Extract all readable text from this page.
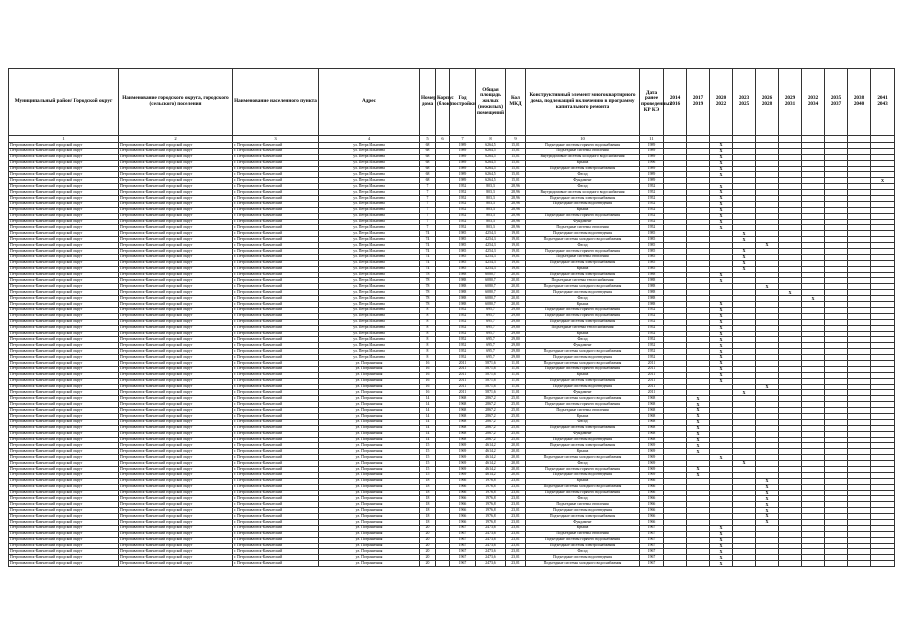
Муниципальный район/ Городской округ	Наименование городского округа, городского (сельского) поселения	Наименование населенного пункта	Адрес	Номер дома	Корпус (блок)	Год постройки	Общая площадь жилых (нежилых) помещений	Кол МКД	Конструктивный элемент многоквартирного дома, подлежащий включению в программу капитального ремонта	Дата ранее проведенных КР КЭ	2014 2016	2017 2019	2020 2022	2023 2025	2026 2028	2029 2031	2032 2034	2035 2037	2038 2040	2041 2043
1	2	3	4	5	6	7	8	9	10	11										
Петропавловск-Камчатский городской округ	Петропавловск-Камчатский городской округ	г. Петропавловск-Камчатский	ул. Петра Ильичева	68		1989	6264,5	15,01	Подъездные системы горячего водоснабжения	1989			X							
Петропавловск-Камчатский городской округ	Петропавловск-Камчатский городской округ	г. Петропавловск-Камчатский	ул. Петра Ильичева	68		1989	6264,5	15,01	Подъездные системы отопления	1989			X							
Петропавловск-Камчатский городской округ	Петропавловск-Камчатский городской округ	г. Петропавловск-Камчатский	ул. Петра Ильичева	68		1989	6264,5	15,01	Внутридомовые системы холодного водоснабжения	1989			X							
Петропавловск-Камчатский городской округ	Петропавловск-Камчатский городской округ	г. Петропавловск-Камчатский	ул. Петра Ильичева	68		1989	6264,5	15,01	Крыша	1996			X							
Петропавловск-Камчатский городской округ	Петропавловск-Камчатский городской округ	г. Петропавловск-Камчатский	ул. Петра Ильичева	68		1989	6264,5	15,01	Подъездные системы электроснабжения	1989			X							
Петропавловск-Камчатский городской округ	Петропавловск-Камчатский городской округ	г. Петропавловск-Камчатский	ул. Петра Ильичева	68		1989	6264,5	15,01	Фасад	1989			X							
Петропавловск-Камчатский городской округ	Петропавловск-Камчатский городской округ	г. Петропавловск-Камчатский	ул. Петра Ильичева	68		1989	6264,5	15,01	Фундамент	1989										X
Петропавловск-Камчатский городской округ	Петропавловск-Камчатский городской округ	г. Петропавловск-Камчатский	ул. Петра Ильичева	7		1952	803,3	28,96	Фасад	1952			X							
Петропавловск-Камчатский городской округ	Петропавловск-Камчатский городской округ	г. Петропавловск-Камчатский	ул. Петра Ильичева	7		1952	803,3	28,96	Внутридомовые системы холодного водоснабжения	1952			X							
Петропавловск-Камчатский городской округ	Петропавловск-Камчатский городской округ	г. Петропавловск-Камчатский	ул. Петра Ильичева	7		1952	803,3	28,96	Подъездные системы электроснабжения	1952			X							
Петропавловск-Камчатский городской округ	Петропавловск-Камчатский городской округ	г. Петропавловск-Камчатский	ул. Петра Ильичева	7		1952	803,3	28,96	Подъездные системы водоотведения	1952			X							
Петропавловск-Камчатский городской округ	Петропавловск-Камчатский городской округ	г. Петропавловск-Камчатский	ул. Петра Ильичева	7		1952	803,3	28,96	Крыша	1952			X							
Петропавловск-Камчатский городской округ	Петропавловск-Камчатский городской округ	г. Петропавловск-Камчатский	ул. Петра Ильичева	7		1952	803,3	28,96	Подъездные системы горячего водоснабжения	1952			X							
Петропавловск-Камчатский городской округ	Петропавловск-Камчатский городской округ	г. Петропавловск-Камчатский	ул. Петра Ильичева	7		1952	803,3	28,96	Фундамент	1952			X							
Петропавловск-Камчатский городской округ	Петропавловск-Камчатский городской округ	г. Петропавловск-Камчатский	ул. Петра Ильичева	7		1952	803,3	28,96	Подъездные системы отопления	1952			X							
Петропавловск-Камчатский городской округ	Петропавловск-Камчатский городской округ	г. Петропавловск-Камчатский	ул. Петра Ильичева	74		1985	4254,3	19,01	Подъездные системы водоотведения	1985				X						
Петропавловск-Камчатский городской округ	Петропавловск-Камчатский городской округ	г. Петропавловск-Камчатский	ул. Петра Ильичева	74		1985	4254,3	19,01	Подъездные системы холодного водоснабжения	1985				X						
Петропавловск-Камчатский городской округ	Петропавловск-Камчатский городской округ	г. Петропавловск-Камчатский	ул. Петра Ильичева	74		1985	4254,3	19,01	Фасад	1985					X					
Петропавловск-Камчатский городской округ	Петропавловск-Камчатский городской округ	г. Петропавловск-Камчатский	ул. Петра Ильичева	74		1985	4254,3	19,01	Подъездные системы горячего водоснабжения	1985				X						
Петропавловск-Камчатский городской округ	Петропавловск-Камчатский городской округ	г. Петропавловск-Камчатский	ул. Петра Ильичева	74		1985	4254,3	19,01	Подъездные системы отопления	1985				X						
Петропавловск-Камчатский городской округ	Петропавловск-Камчатский городской округ	г. Петропавловск-Камчатский	ул. Петра Ильичева	74		1985	4254,3	19,01	Подъездные системы электроснабжения	1985				X						
Петропавловск-Камчатский городской округ	Петропавловск-Камчатский городской округ	г. Петропавловск-Камчатский	ул. Петра Ильичева	74		1985	4254,3	19,01	Крыша	1985				X						
Петропавловск-Камчатский городской округ	Петропавловск-Камчатский городской округ	г. Петропавловск-Камчатский	ул. Петра Ильичева	78		1988	6080,7	20,01	Подъездные системы электроснабжения	1988			X							
Петропавловск-Камчатский городской округ	Петропавловск-Камчатский городской округ	г. Петропавловск-Камчатский	ул. Петра Ильичева	78		1988	6080,7	20,01	Подъездные системы теплоснабжения	1988			X							
Петропавловск-Камчатский городской округ	Петропавловск-Камчатский городской округ	г. Петропавловск-Камчатский	ул. Петра Ильичева	78		1988	6080,7	20,01	Подъездные системы холодного водоснабжения	1988					X					
Петропавловск-Камчатский городской округ	Петропавловск-Камчатский городской округ	г. Петропавловск-Камчатский	ул. Петра Ильичева	78		1988	6080,7	20,01	Подъездные системы водоотведения	1988						X				
Петропавловск-Камчатский городской округ	Петропавловск-Камчатский городской округ	г. Петропавловск-Камчатский	ул. Петра Ильичева	78		1988	6080,7	20,01	Фасад	1988							X			
Петропавловск-Камчатский городской округ	Петропавловск-Камчатский городской округ	г. Петропавловск-Камчатский	ул. Петра Ильичева	78		1988	6080,7	20,01	Крыша	1988			X							
Петропавловск-Камчатский городской округ	Петропавловск-Камчатский городской округ	г. Петропавловск-Камчатский	ул. Петра Ильичева	8		1952	695,7	29,80	Подъездные системы горячего водоснабжения	1952			X							
Петропавловск-Камчатский городской округ	Петропавловск-Камчатский городской округ	г. Петропавловск-Камчатский	ул. Петра Ильичева	8		1952	695,7	29,80	Подъездные системы горячего водоснабжения	1952			X							
Петропавловск-Камчатский городской округ	Петропавловск-Камчатский городской округ	г. Петропавловск-Камчатский	ул. Петра Ильичева	8		1952	695,7	29,80	Подъездные системы электроснабжения	1952			X							
Петропавловск-Камчатский городской округ	Петропавловск-Камчатский городской округ	г. Петропавловск-Камчатский	ул. Петра Ильичева	8		1952	695,7	29,80	Подъездные системы теплоснабжения	1952			X							
Петропавловск-Камчатский городской округ	Петропавловск-Камчатский городской округ	г. Петропавловск-Камчатский	ул. Петра Ильичева	8		1952	695,7	29,80	Крыша	1952			X							
Петропавловск-Камчатский городской округ	Петропавловск-Камчатский городской округ	г. Петропавловск-Камчатский	ул. Петра Ильичева	8		1952	695,7	29,80	Фасад	1952			X							
Петропавловск-Камчатский городской округ	Петропавловск-Камчатский городской округ	г. Петропавловск-Камчатский	ул. Петра Ильичева	8		1952	695,7	29,80	Фундамент	1952			X							
Петропавловск-Камчатский городской округ	Петропавловск-Камчатский городской округ	г. Петропавловск-Камчатский	ул. Петра Ильичева	8		1952	695,7	29,80	Подъездные системы холодного водоснабжения	1952			X							
Петропавловск-Камчатский городской округ	Петропавловск-Камчатский городской округ	г. Петропавловск-Камчатский	ул. Петра Ильичева	8		1952	695,7	29,80	Подъездные системы водоотведения	1952			X							
Петропавловск-Камчатский городской округ	Петропавловск-Камчатский городской округ	г. Петропавловск-Камчатский	ул. Пограничная	16		2011	5871,6	11,01	Подъездные системы холодного водоснабжения	2011			X							
Петропавловск-Камчатский городской округ	Петропавловск-Камчатский городской округ	г. Петропавловск-Камчатский	ул. Пограничная	16		2011	5871,6	11,01	Подъездные системы горячего водоснабжения	2011			X							
Петропавловск-Камчатский городской округ	Петропавловск-Камчатский городской округ	г. Петропавловск-Камчатский	ул. Пограничная	16		2011	5871,6	11,01	Крыша	2011			X							
Петропавловск-Камчатский городской округ	Петропавловск-Камчатский городской округ	г. Петропавловск-Камчатский	ул. Пограничная	16		2011	5871,6	11,01	Подъездные системы электроснабжения	2011			X							
Петропавловск-Камчатский городской округ	Петропавловск-Камчатский городской округ	г. Петропавловск-Камчатский	ул. Пограничная	16		2011	5871,6	11,01	Подъездные системы водоотведения	2011					X					
Петропавловск-Камчатский городской округ	Петропавловск-Камчатский городской округ	г. Петропавловск-Камчатский	ул. Пограничная	16		2011	5871,6	11,01	Фундамент	2011				X						
Петропавловск-Камчатский городской округ	Петропавловск-Камчатский городской округ	г. Петропавловск-Камчатский	ул. Пограничная	14		1968	2867,2	25,01	Подъездные системы холодного водоснабжения	1968		X								
Петропавловск-Камчатский городской округ	Петропавловск-Камчатский городской округ	г. Петропавловск-Камчатский	ул. Пограничная	14		1968	2867,2	25,01	Подъездные системы горячего водоснабжения	1968		X								
Петропавловск-Камчатский городской округ	Петропавловск-Камчатский городской округ	г. Петропавловск-Камчатский	ул. Пограничная	14		1968	2867,2	25,01	Подъездные системы отопления	1968		X								
Петропавловск-Камчатский городской округ	Петропавловск-Камчатский городской округ	г. Петропавловск-Камчатский	ул. Пограничная	14		1968	2867,2	25,01	Крыша	1968		X								
Петропавловск-Камчатский городской округ	Петропавловск-Камчатский городской округ	г. Петропавловск-Камчатский	ул. Пограничная	14		1968	2867,2	25,01	Фасад	1968		X								
Петропавловск-Камчатский городской округ	Петропавловск-Камчатский городской округ	г. Петропавловск-Камчатский	ул. Пограничная	14		1968	2867,2	25,01	Подъездные системы электроснабжения	1968		X								
Петропавловск-Камчатский городской округ	Петропавловск-Камчатский городской округ	г. Петропавловск-Камчатский	ул. Пограничная	14		1968	2867,2	25,01	Фундамент	1968		X								
Петропавловск-Камчатский городской округ	Петропавловск-Камчатский городской округ	г. Петропавловск-Камчатский	ул. Пограничная	14		1968	2867,2	25,01	Подъездные системы водоотведения	1968		X								
Петропавловск-Камчатский городской округ	Петропавловск-Камчатский городской округ	г. Петропавловск-Камчатский	ул. Пограничная	15		1969	4614,2	20,01	Подъездные системы электроснабжения	1969		X								
Петропавловск-Камчатский городской округ	Петропавловск-Камчатский городской округ	г. Петропавловск-Камчатский	ул. Пограничная	15		1969	4614,2	20,01	Крыша	1969		X								
Петропавловск-Камчатский городской округ	Петропавловск-Камчатский городской округ	г. Петропавловск-Камчатский	ул. Пограничная	15		1969	4614,2	20,01	Подъездные системы холодного водоснабжения	1969			X							
Петропавловск-Камчатский городской округ	Петропавловск-Камчатский городской округ	г. Петропавловск-Камчатский	ул. Пограничная	15		1969	4614,2	20,01	Фасад	1969				X						
Петропавловск-Камчатский городской округ	Петропавловск-Камчатский городской округ	г. Петропавловск-Камчатский	ул. Пограничная	15		1969	4614,2	20,01	Подъездные системы горячего водоснабжения	1969		X								
Петропавловск-Камчатский городской округ	Петропавловск-Камчатский городской округ	г. Петропавловск-Камчатский	ул. Пограничная	15		1969	4614,2	20,01	Подъездные системы водоотведения	1969		X								
Петропавловск-Камчатский городской округ	Петропавловск-Камчатский городской округ	г. Петропавловск-Камчатский	ул. Пограничная	18		1966	1976,8	23,01	Крыша	1966					X					
Петропавловск-Камчатский городской округ	Петропавловск-Камчатский городской округ	г. Петропавловск-Камчатский	ул. Пограничная	18		1966	1976,8	23,01	Подъездные системы холодного водоснабжения	1966					X					
Петропавловск-Камчатский городской округ	Петропавловск-Камчатский городской округ	г. Петропавловск-Камчатский	ул. Пограничная	18		1966	1976,8	23,01	Подъездные системы горячего водоснабжения	1966					X					
Петропавловск-Камчатский городской округ	Петропавловск-Камчатский городской округ	г. Петропавловск-Камчатский	ул. Пограничная	18		1966	1976,8	23,01	Фасад	1966					X					
Петропавловск-Камчатский городской округ	Петропавловск-Камчатский городской округ	г. Петропавловск-Камчатский	ул. Пограничная	18		1966	1976,8	23,01	Подъездные системы отопления	1966					X					
Петропавловск-Камчатский городской округ	Петропавловск-Камчатский городской округ	г. Петропавловск-Камчатский	ул. Пограничная	18		1966	1976,8	23,01	Подъездные системы водоотведения	1966					X					
Петропавловск-Камчатский городской округ	Петропавловск-Камчатский городской округ	г. Петропавловск-Камчатский	ул. Пограничная	18		1966	1976,8	23,01	Подъездные системы электроснабжения	1966					X					
Петропавловск-Камчатский городской округ	Петропавловск-Камчатский городской округ	г. Петропавловск-Камчатский	ул. Пограничная	18		1966	1976,8	23,01	Фундамент	1966					X					
Петропавловск-Камчатский городской округ	Петропавловск-Камчатский городской округ	г. Петропавловск-Камчатский	ул. Пограничная	20		1967	2473,6	23,01	Крыша	1967			X							
Петропавловск-Камчатский городской округ	Петропавловск-Камчатский городской округ	г. Петропавловск-Камчатский	ул. Пограничная	20		1967	2473,6	23,01	Подъездные системы отопления	1967			X							
Петропавловск-Камчатский городской округ	Петропавловск-Камчатский городской округ	г. Петропавловск-Камчатский	ул. Пограничная	20		1967	2473,6	23,01	Подъездные системы горячего водоснабжения	1967			X							
Петропавловск-Камчатский городской округ	Петропавловск-Камчатский городской округ	г. Петропавловск-Камчатский	ул. Пограничная	20		1967	2473,6	23,01	Подъездные системы электроснабжения	1967			X							
Петропавловск-Камчатский городской округ	Петропавловск-Камчатский городской округ	г. Петропавловск-Камчатский	ул. Пограничная	20		1967	2473,6	23,01	Фасад	1967			X							
Петропавловск-Камчатский городской округ	Петропавловск-Камчатский городской округ	г. Петропавловск-Камчатский	ул. Пограничная	20		1967	2473,6	23,01	Подъездные системы водоотведения	1967			X							
Петропавловск-Камчатский городской округ	Петропавловск-Камчатский городской округ	г. Петропавловск-Камчатский	ул. Пограничная	20		1967	2473,6	23,01	Подъездные системы холодного водоснабжения	1967			X							
